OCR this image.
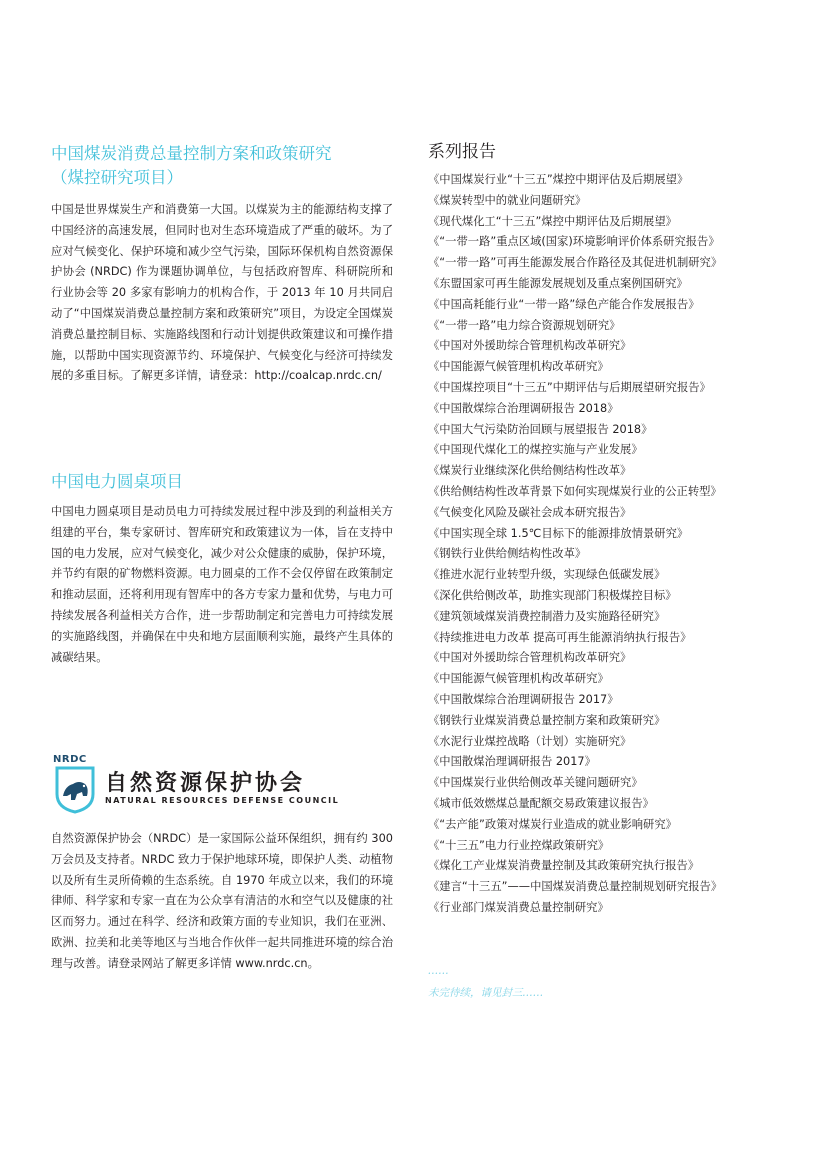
中国煤炭消费总量控制方案和政策研究
（煤控研究项目）

中国是世界煤炭生产和消费第一大国。以煤炭为主的能源结构支撑了中国经济的高速发展，但同时也对生态环境造成了严重的破坏。为了应对气候变化、保护环境和减少空气污染，国际环保机构自然资源保护协会 (NRDC) 作为课题协调单位，与包括政府智库、科研院所和行业协会等 20 多家有影响力的机构合作，于 2013 年 10 月共同启动了“中国煤炭消费总量控制方案和政策研究”项目，为设定全国煤炭消费总量控制目标、实施路线图和行动计划提供政策建议和可操作措施，以帮助中国实现资源节约、环境保护、气候变化与经济可持续发展的多重目标。了解更多详情，请登录：http://coalcap.nrdc.cn/

中国电力圆桌项目

中国电力圆桌项目是动员电力可持续发展过程中涉及到的利益相关方组建的平台，集专家研讨、智库研究和政策建议为一体，旨在支持中国的电力发展，应对气候变化，减少对公众健康的威胁，保护环境，并节约有限的矿物燃料资源。电力圆桌的工作不会仅停留在政策制定和推动层面，还将利用现有智库中的各方专家力量和优势，与电力可持续发展各利益相关方合作，进一步帮助制定和完善电力可持续发展的实施路线图，并确保在中央和地方层面顺利实施，最终产生具体的减碳结果。

NRDC
自然资源保护协会
NATURAL RESOURCES DEFENSE COUNCIL

自然资源保护协会（NRDC）是一家国际公益环保组织，拥有约 300 万会员及支持者。NRDC 致力于保护地球环境，即保护人类、动植物以及所有生灵所倚赖的生态系统。自 1970 年成立以来，我们的环境律师、科学家和专家一直在为公众享有清洁的水和空气以及健康的社区而努力。通过在科学、经济和政策方面的专业知识，我们在亚洲、欧洲、拉美和北美等地区与当地合作伙伴一起共同推进环境的综合治理与改善。请登录网站了解更多详情 www.nrdc.cn。

系列报告
《中国煤炭行业“十三五”煤控中期评估及后期展望》
《煤炭转型中的就业问题研究》
《现代煤化工“十三五”煤控中期评估及后期展望》
《“一带一路”重点区域(国家)环境影响评价体系研究报告》
《“一带一路”可再生能源发展合作路径及其促进机制研究》
《东盟国家可再生能源发展规划及重点案例国研究》
《中国高耗能行业“一带一路”绿色产能合作发展报告》
《“一带一路”电力综合资源规划研究》
《中国对外援助综合管理机构改革研究》
《中国能源气候管理机构改革研究》
《中国煤控项目“十三五”中期评估与后期展望研究报告》
《中国散煤综合治理调研报告 2018》
《中国大气污染防治回顾与展望报告 2018》
《中国现代煤化工的煤控实施与产业发展》
《煤炭行业继续深化供给侧结构性改革》
《供给侧结构性改革背景下如何实现煤炭行业的公正转型》
《气候变化风险及碳社会成本研究报告》
《中国实现全球 1.5℃目标下的能源排放情景研究》
《钢铁行业供给侧结构性改革》
《推进水泥行业转型升级，实现绿色低碳发展》
《深化供给侧改革，助推实现部门积极煤控目标》
《建筑领域煤炭消费控制潜力及实施路径研究》
《持续推进电力改革 提高可再生能源消纳执行报告》
《中国对外援助综合管理机构改革研究》
《中国能源气候管理机构改革研究》
《中国散煤综合治理调研报告 2017》
《钢铁行业煤炭消费总量控制方案和政策研究》
《水泥行业煤控战略（计划）实施研究》
《中国散煤治理调研报告 2017》
《中国煤炭行业供给侧改革关键问题研究》
《城市低效燃煤总量配额交易政策建议报告》
《“去产能”政策对煤炭行业造成的就业影响研究》
《“十三五”电力行业控煤政策研究》
《煤化工产业煤炭消费量控制及其政策研究执行报告》
《建言“十三五”——中国煤炭消费总量控制规划研究报告》
《行业部门煤炭消费总量控制研究》
……
未完待续，请见封三……
